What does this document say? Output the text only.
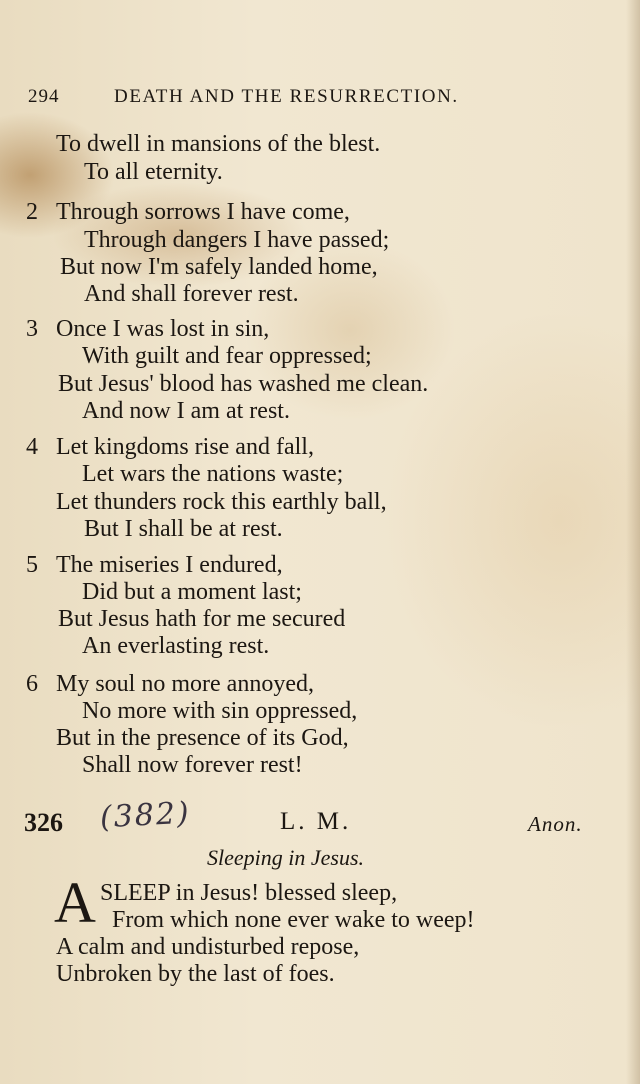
294	DEATH AND THE RESURRECTION.
To dwell in mansions of the blest.
To all eternity.
2 Through sorrows I have come,
Through dangers I have passed;
But now I'm safely landed home,
And shall forever rest.
3 Once I was lost in sin,
With guilt and fear oppressed;
But Jesus' blood has washed me clean.
And now I am at rest.
4 Let kingdoms rise and fall,
Let wars the nations waste;
Let thunders rock this earthly ball,
But I shall be at rest.
5 The miseries I endured,
Did but a moment last;
But Jesus hath for me secured
An everlasting rest.
6 My soul no more annoyed,
No more with sin oppressed,
But in the presence of its God,
Shall now forever rest!
326 (382)	L. M.	Anon.
Sleeping in Jesus.
A SLEEP in Jesus! blessed sleep,
From which none ever wake to weep!
A calm and undisturbed repose,
Unbroken by the last of foes.
